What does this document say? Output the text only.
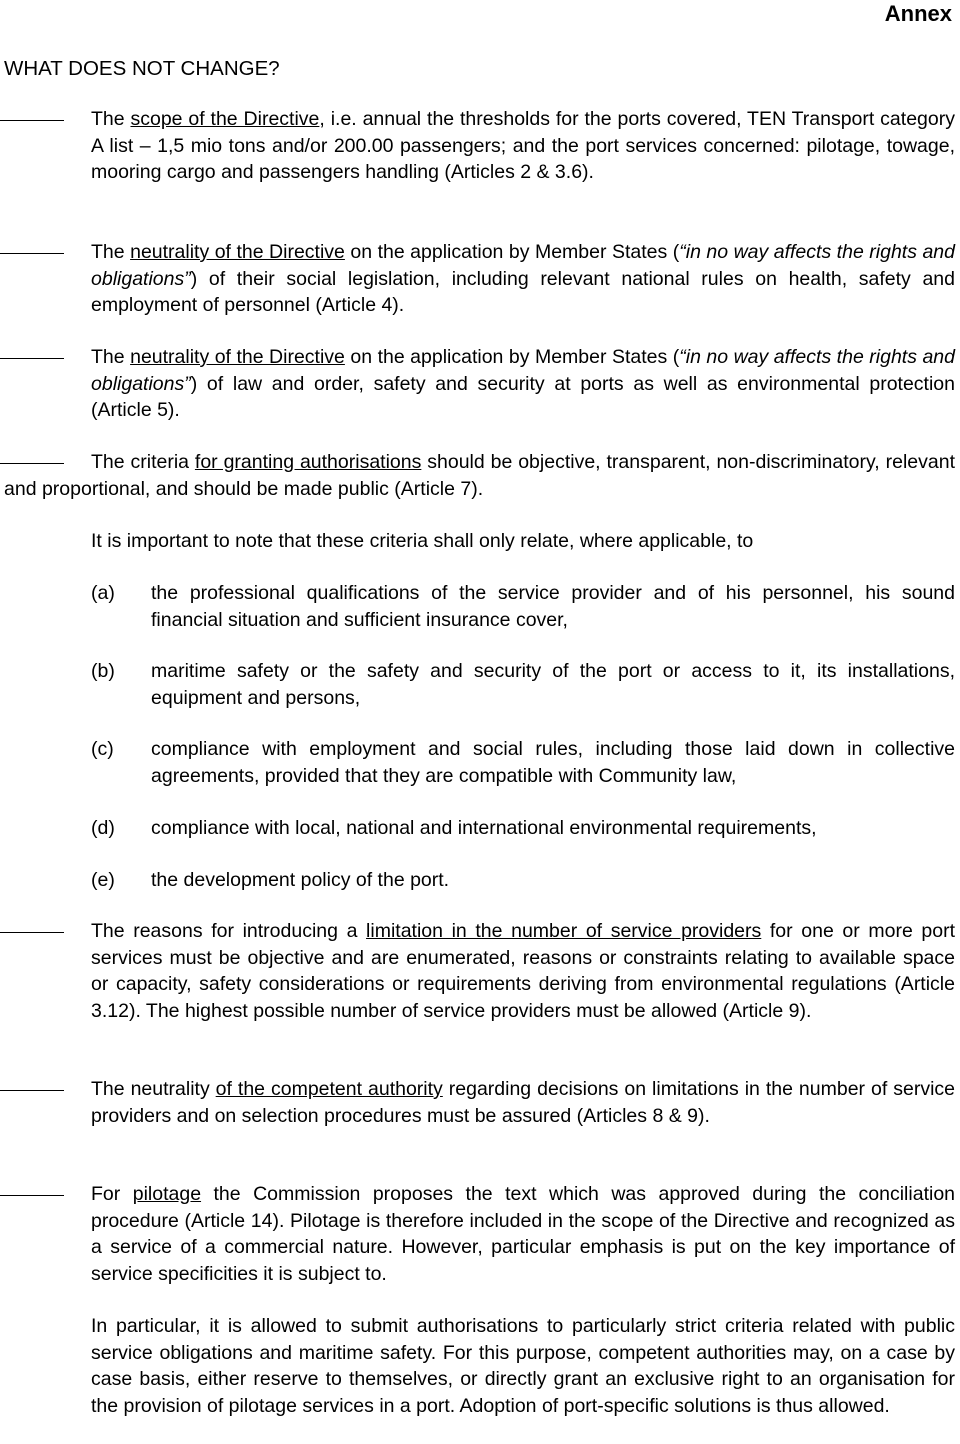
Annex
WHAT DOES NOT CHANGE?
The scope of the Directive, i.e. annual the thresholds for the ports covered, TEN Transport category A list – 1,5 mio tons and/or 200.00 passengers; and the port services concerned: pilotage, towage, mooring cargo and passengers handling (Articles 2 & 3.6).
The neutrality of the Directive on the application by Member States (“in no way affects the rights and obligations”) of their social legislation, including relevant national rules on health, safety and employment of personnel (Article 4).
The neutrality of the Directive on the application by Member States (“in no way affects the rights and obligations”) of law and order, safety and security at ports as well as environmental protection (Article 5).
The criteria for granting authorisations should be objective, transparent, non-discriminatory, relevant and proportional, and should be made public (Article 7).
It is important to note that these criteria shall only relate, where applicable, to
(a) the professional qualifications of the service provider and of his personnel, his sound financial situation and sufficient insurance cover,
(b) maritime safety or the safety and security of the port or access to it, its installations, equipment and persons,
(c) compliance with employment and social rules, including those laid down in collective agreements, provided that they are compatible with Community law,
(d) compliance with local, national and international environmental requirements,
(e) the development policy of the port.
The reasons for introducing a limitation in the number of service providers for one or more port services must be objective and are enumerated, reasons or constraints relating to available space or capacity, safety considerations or requirements deriving from environmental regulations (Article 3.12). The highest possible number of service providers must be allowed (Article 9).
The neutrality of the competent authority regarding decisions on limitations in the number of service providers and on selection procedures must be assured (Articles 8 & 9).
For pilotage the Commission proposes the text which was approved during the conciliation procedure (Article 14). Pilotage is therefore included in the scope of the Directive and recognized as a service of a commercial nature. However, particular emphasis is put on the key importance of service specificities it is subject to.
In particular, it is allowed to submit authorisations to particularly strict criteria related with public service obligations and maritime safety. For this purpose, competent authorities may, on a case by case basis, either reserve to themselves, or directly grant an exclusive right to an organisation for the provision of pilotage services in a port. Adoption of port-specific solutions is thus allowed.
